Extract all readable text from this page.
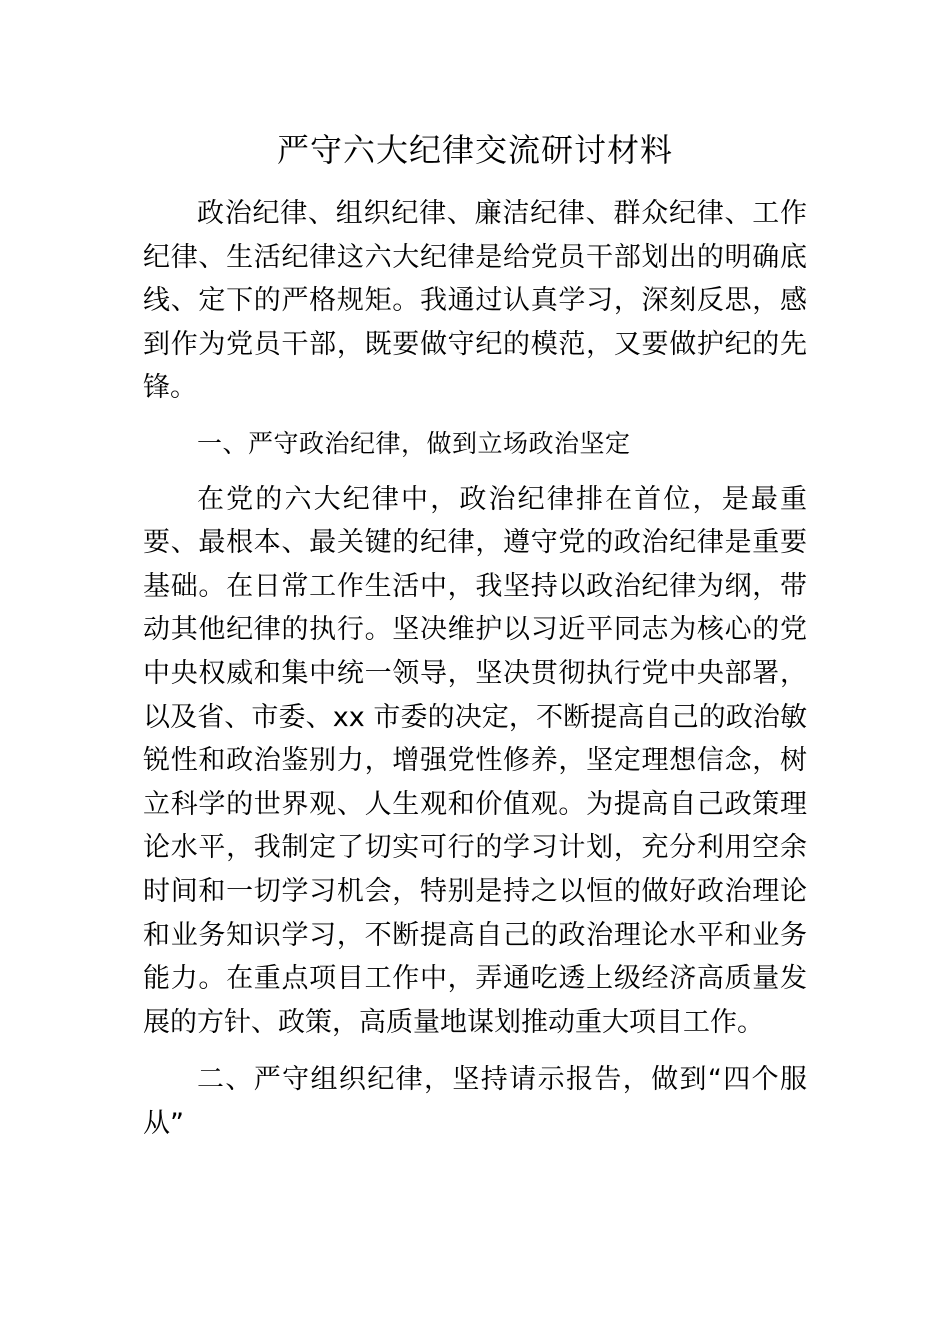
严守六大纪律交流研讨材料

政治纪律、组织纪律、廉洁纪律、群众纪律、工作纪律、生活纪律这六大纪律是给党员干部划出的明确底线、定下的严格规矩。我通过认真学习，深刻反思，感到作为党员干部，既要做守纪的模范，又要做护纪的先锋。

一、严守政治纪律，做到立场政治坚定

在党的六大纪律中，政治纪律排在首位，是最重要、最根本、最关键的纪律，遵守党的政治纪律是重要基础。在日常工作生活中，我坚持以政治纪律为纲，带动其他纪律的执行。坚决维护以习近平同志为核心的党中央权威和集中统一领导，坚决贯彻执行党中央部署，以及省、市委、xx 市委的决定，不断提高自己的政治敏锐性和政治鉴别力，增强党性修养，坚定理想信念，树立科学的世界观、人生观和价值观。为提高自己政策理论水平，我制定了切实可行的学习计划，充分利用空余时间和一切学习机会，特别是持之以恒的做好政治理论和业务知识学习，不断提高自己的政治理论水平和业务能力。在重点项目工作中，弄通吃透上级经济高质量发展的方针、政策，高质量地谋划推动重大项目工作。

二、严守组织纪律，坚持请示报告，做到“四个服从”
